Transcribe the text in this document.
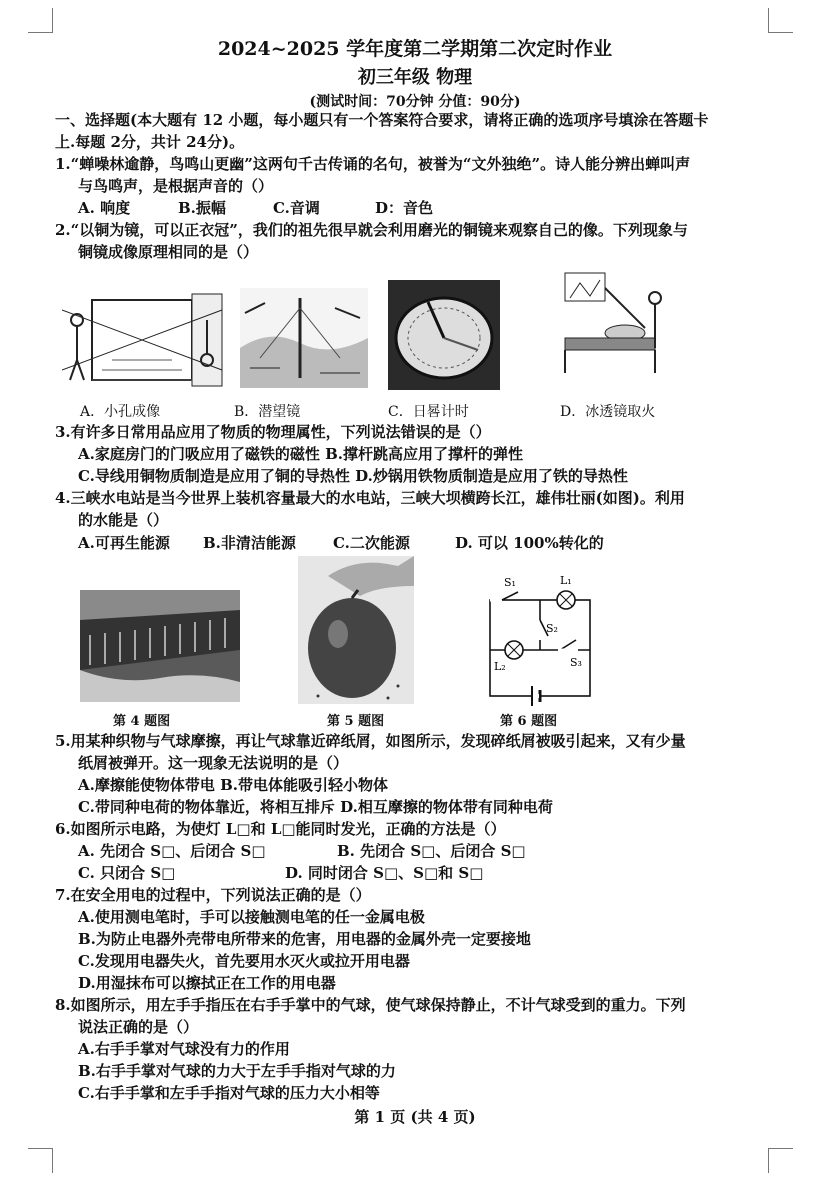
2024~2025 学年度第二学期第二次定时作业
初三年级 物理
(测试时间：70分钟 分值：90分)
一、选择题(本大题有 12 小题，每小题只有一个答案符合要求，请将正确的选项序号填涂在答题卡
上.每题 2分，共计 24分)。
1.“蝉噪林逾静，鸟鸣山更幽”这两句千古传诵的名句，被誉为“文外独绝”。诗人能分辨出蝉叫声
与鸟鸣声，是根据声音的（）
A. 响度	B.振幅	C.音调	D：音色
2.“以铜为镜，可以正衣冠”，我们的祖先很早就会利用磨光的铜镜来观察自己的像。下列现象与
铜镜成像原理相同的是（）
A．小孔成像	B．潜望镜	C．日晷计时	D．冰透镜取火
3.有许多日常用品应用了物质的物理属性，下列说法错误的是（）
A.家庭房门的门吸应用了磁铁的磁性 B.撑杆跳高应用了撑杆的弹性
C.导线用铜物质制造是应用了铜的导热性 D.炒锅用铁物质制造是应用了铁的导热性
4.三峡水电站是当今世界上装机容量最大的水电站，三峡大坝横跨长江，雄伟壮丽(如图)。利用
的水能是（）
A.可再生能源 B.非清洁能源 C.二次能源	D. 可以 100%转化的
S₁	L₁
S₂
L₂	S₃
第 4 题图	第 5 题图	第 6 题图
5.用某种织物与气球摩擦，再让气球靠近碎纸屑，如图所示，发现碎纸屑被吸引起来，又有少量
纸屑被弹开。这一现象无法说明的是（）
A.摩擦能使物体带电 B.带电体能吸引轻小物体
C.带同种电荷的物体靠近，将相互排斥 D.相互摩擦的物体带有同种电荷
6.如图所示电路，为使灯 L□和 L□能同时发光，正确的方法是（）
A. 先闭合 S□、后闭合 S□	B. 先闭合 S□、后闭合 S□
C. 只闭合 S□	D. 同时闭合 S□、S□和 S□
7.在安全用电的过程中，下列说法正确的是（）
A.使用测电笔时，手可以接触测电笔的任一金属电极
B.为防止电器外壳带电所带来的危害，用电器的金属外壳一定要接地
C.发现用电器失火，首先要用水灭火或拉开用电器
D.用湿抹布可以擦拭正在工作的用电器
8.如图所示，用左手手指压在右手手掌中的气球，使气球保持静止，不计气球受到的重力。下列
说法正确的是（）
A.右手手掌对气球没有力的作用
B.右手手掌对气球的力大于左手手指对气球的力
C.右手手掌和左手手指对气球的压力大小相等
第 1 页 (共 4 页)
